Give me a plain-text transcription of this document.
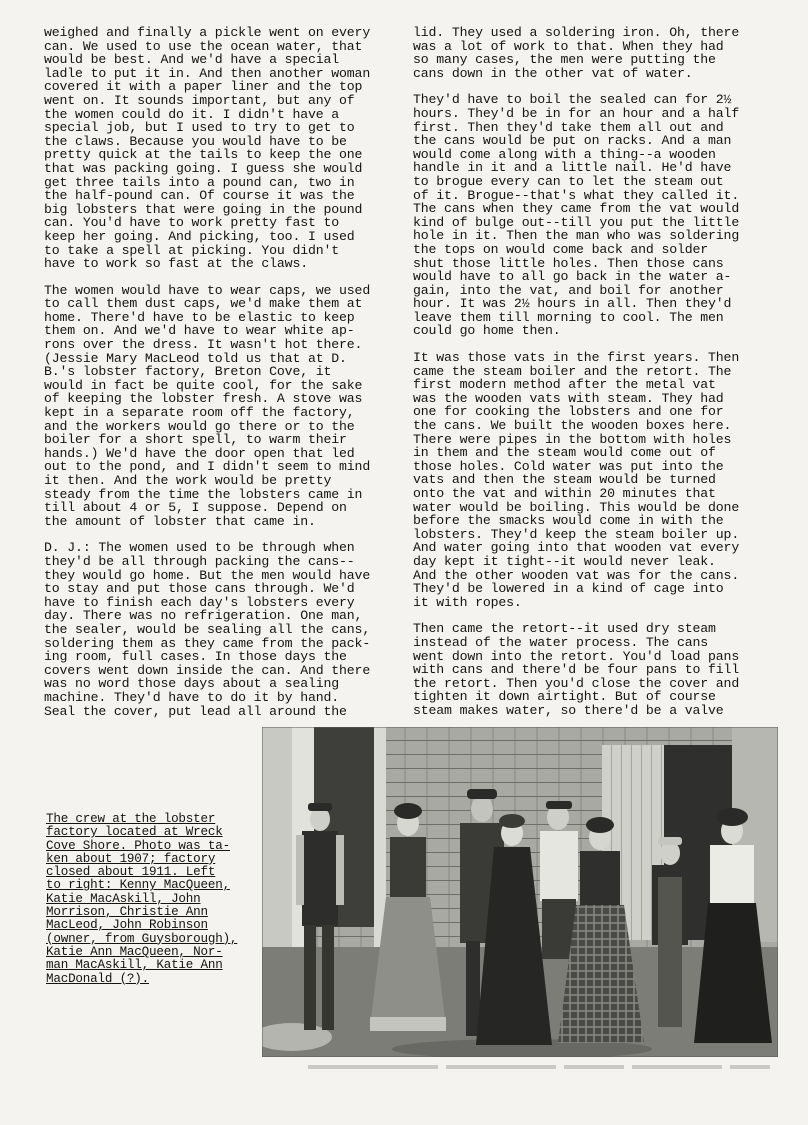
weighed and finally a pickle went on every
can. We used to use the ocean water, that
would be best. And we'd have a special
ladle to put it in. And then another woman
covered it with a paper liner and the top
went on. It sounds important, but any of
the women could do it. I didn't have a
special job, but I used to try to get to
the claws. Because you would have to be
pretty quick at the tails to keep the one
that was packing going. I guess she would
get three tails into a pound can, two in
the half-pound can. Of course it was the
big lobsters that were going in the pound
can. You'd have to work pretty fast to
keep her going. And picking, too. I used
to take a spell at picking. You didn't
have to work so fast at the claws.

The women would have to wear caps, we used
to call them dust caps, we'd make them at
home. There'd have to be elastic to keep
them on. And we'd have to wear white ap-
rons over the dress. It wasn't hot there.
(Jessie Mary MacLeod told us that at D.
B.'s lobster factory, Breton Cove, it
would in fact be quite cool, for the sake
of keeping the lobster fresh. A stove was
kept in a separate room off the factory,
and the workers would go there or to the
boiler for a short spell, to warm their
hands.) We'd have the door open that led
out to the pond, and I didn't seem to mind
it then. And the work would be pretty
steady from the time the lobsters came in
till about 4 or 5, I suppose. Depend on
the amount of lobster that came in.

D. J.: The women used to be through when
they'd be all through packing the cans--
they would go home. But the men would have
to stay and put those cans through. We'd
have to finish each day's lobsters every
day. There was no refrigeration. One man,
the sealer, would be sealing all the cans,
soldering them as they came from the pack-
ing room, full cases. In those days the
covers went down inside the can. And there
was no word those days about a sealing
machine. They'd have to do it by hand.
Seal the cover, put lead all around the

lid. They used a soldering iron. Oh, there
was a lot of work to that. When they had
so many cases, the men were putting the
cans down in the other vat of water.

They'd have to boil the sealed can for 2½
hours. They'd be in for an hour and a half
first. Then they'd take them all out and
the cans would be put on racks. And a man
would come along with a thing--a wooden
handle in it and a little nail. He'd have
to brogue every can to let the steam out
of it. Brogue--that's what they called it.
The cans when they came from the vat would
kind of bulge out--till you put the little
hole in it. Then the man who was soldering
the tops on would come back and solder
shut those little holes. Then those cans
would have to all go back in the water a-
gain, into the vat, and boil for another
hour. It was 2½ hours in all. Then they'd
leave them till morning to cool. The men
could go home then.

It was those vats in the first years. Then
came the steam boiler and the retort. The
first modern method after the metal vat
was the wooden vats with steam. They had
one for cooking the lobsters and one for
the cans. We built the wooden boxes here.
There were pipes in the bottom with holes
in them and the steam would come out of
those holes. Cold water was put into the
vats and then the steam would be turned
onto the vat and within 20 minutes that
water would be boiling. This would be done
before the smacks would come in with the
lobsters. They'd keep the steam boiler up.
And water going into that wooden vat every
day kept it tight--it would never leak.
And the other wooden vat was for the cans.
They'd be lowered in a kind of cage into
it with ropes.

Then came the retort--it used dry steam
instead of the water process. The cans
went down into the retort. You'd load pans
with cans and there'd be four pans to fill
the retort. Then you'd close the cover and
tighten it down airtight. But of course
steam makes water, so there'd be a valve

The crew at the lobster
factory located at Wreck
Cove Shore. Photo was ta-
ken about 1907; factory
closed about 1911. Left
to right: Kenny MacQueen,
Katie MacAskill, John
Morrison, Christie Ann
MacLeod, John Robinson
(owner, from Guysborough),
Katie Ann MacQueen, Nor-
man MacAskill, Katie Ann
MacDonald (?).
